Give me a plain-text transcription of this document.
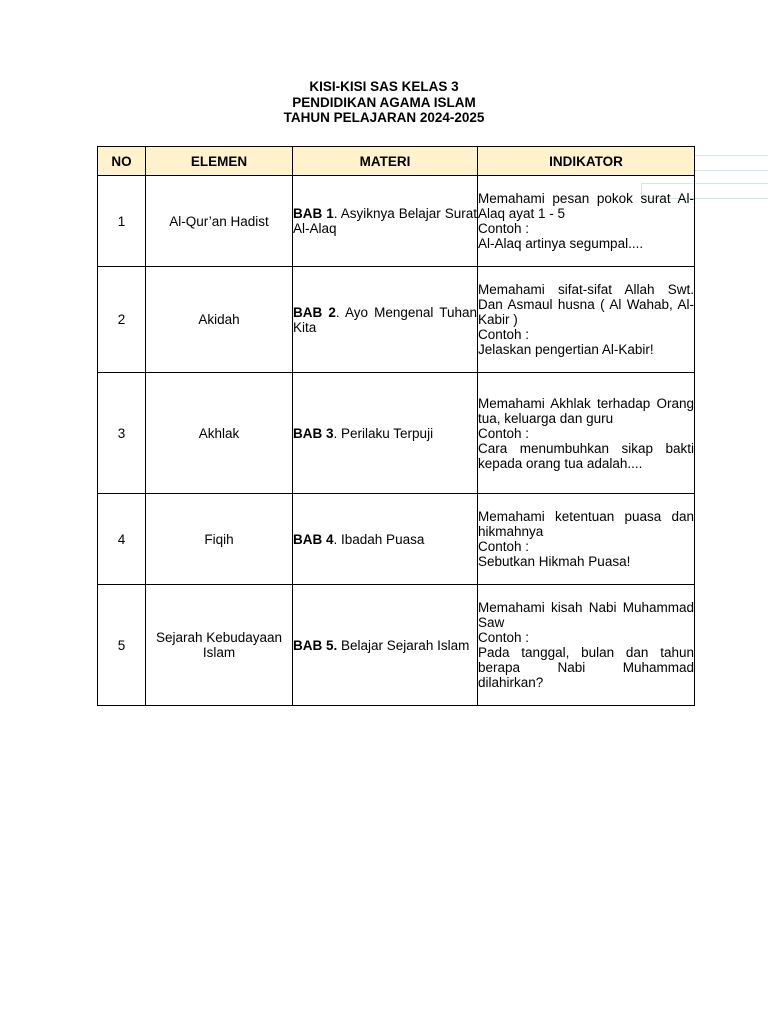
KISI-KISI SAS KELAS 3
PENDIDIKAN AGAMA ISLAM
TAHUN PELAJARAN 2024-2025
NO	ELEMEN	MATERI	INDIKATOR
1	Al-Qur’an Hadist	BAB 1. Asyiknya Belajar Surat Al-Alaq	Memahami pesan pokok surat Al-Alaq ayat 1 - 5
Contoh :
Al-Alaq artinya segumpal....

2	Akidah	BAB 2. Ayo Mengenal Tuhan Kita	Memahami sifat-sifat Allah Swt. Dan Asmaul husna ( Al Wahab, Al-Kabir )
Contoh :
Jelaskan pengertian Al-Kabir!

3	Akhlak	BAB 3. Perilaku Terpuji	Memahami Akhlak terhadap Orang tua, keluarga dan guru
Contoh :
Cara menumbuhkan sikap bakti kepada orang tua adalah....

4	Fiqih	BAB 4. Ibadah Puasa	Memahami ketentuan puasa dan hikmahnya
Contoh :
Sebutkan Hikmah Puasa!

5	Sejarah Kebudayaan Islam	BAB 5. Belajar Sejarah Islam	Memahami kisah Nabi Muhammad Saw
Contoh :
Pada tanggal, bulan dan tahun berapa Nabi Muhammad dilahirkan?
